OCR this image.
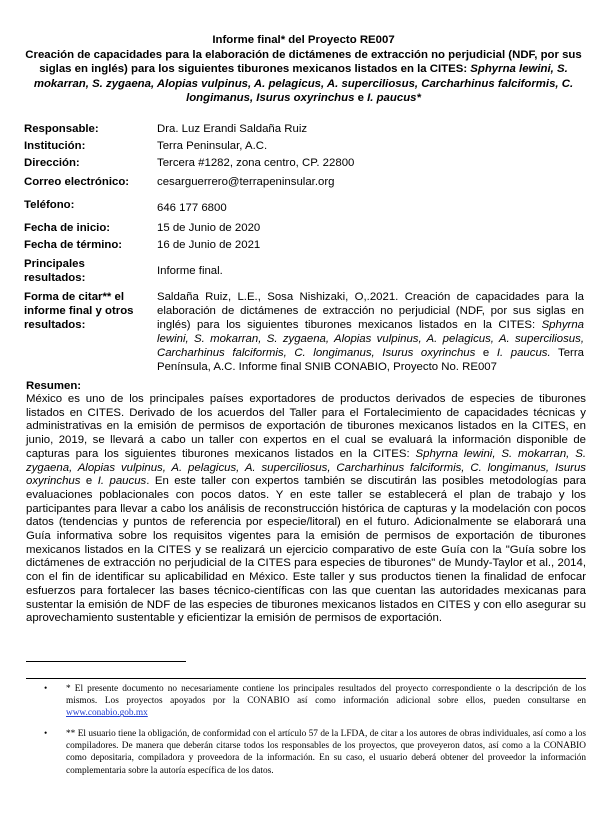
Informe final* del Proyecto RE007
Creación de capacidades para la elaboración de dictámenes de extracción no perjudicial (NDF, por sus siglas en inglés) para los siguientes tiburones mexicanos listados en la CITES: Sphyrna lewini, S. mokarran, S. zygaena, Alopias vulpinus, A. pelagicus, A. superciliosus, Carcharhinus falciformis, C. longimanus, Isurus oxyrinchus e I. paucus*
Responsable:	Dra. Luz Erandi Saldaña Ruiz
Institución:	Terra Peninsular, A.C.
Dirección:	Tercera #1282, zona centro, CP. 22800
Correo electrónico:	cesarguerrero@terrapeninsular.org
Teléfono:	646 177 6800
Fecha de inicio:	15 de Junio de 2020
Fecha de término:	16 de Junio de 2021
Principales resultados:
Informe final.
Forma de citar** el informe final y otros resultados:
Saldaña Ruiz, L.E., Sosa Nishizaki, O,.2021. Creación de capacidades para la elaboración de dictámenes de extracción no perjudicial (NDF, por sus siglas en inglés) para los siguientes tiburones mexicanos listados en la CITES: Sphyrna lewini, S. mokarran, S. zygaena, Alopias vulpinus, A. pelagicus, A. superciliosus, Carcharhinus falciformis, C. longimanus, Isurus oxyrinchus e I. paucus. Terra Península, A.C. Informe final SNIB CONABIO, Proyecto No. RE007
Resumen:
México es uno de los principales países exportadores de productos derivados de especies de tiburones listados en CITES. Derivado de los acuerdos del Taller para el Fortalecimiento de capacidades técnicas y administrativas en la emisión de permisos de exportación de tiburones mexicanos listados en la CITES, en junio, 2019, se llevará a cabo un taller con expertos en el cual se evaluará la información disponible de capturas para los siguientes tiburones mexicanos listados en la CITES: Sphyrna lewini, S. mokarran, S. zygaena, Alopias vulpinus, A. pelagicus, A. superciliosus, Carcharhinus falciformis, C. longimanus, Isurus oxyrinchus e I. paucus. En este taller con expertos también se discutirán las posibles metodologías para evaluaciones poblacionales con pocos datos. Y en este taller se establecerá el plan de trabajo y los participantes para llevar a cabo los análisis de reconstrucción histórica de capturas y la modelación con pocos datos (tendencias y puntos de referencia por especie/litoral) en el futuro. Adicionalmente se elaborará una Guía informativa sobre los requisitos vigentes para la emisión de permisos de exportación de tiburones mexicanos listados en la CITES y se realizará un ejercicio comparativo de este Guía con la "Guía sobre los dictámenes de extracción no perjudicial de la CITES para especies de tiburones" de Mundy-Taylor et al., 2014, con el fin de identificar su aplicabilidad en México. Este taller y sus productos tienen la finalidad de enfocar esfuerzos para fortalecer las bases técnico-científicas con las que cuentan las autoridades mexicanas para sustentar la emisión de NDF de las especies de tiburones mexicanos listados en CITES y con ello asegurar su aprovechamiento sustentable y eficientizar la emisión de permisos de exportación.
• * El presente documento no necesariamente contiene los principales resultados del proyecto correspondiente o la descripción de los mismos. Los proyectos apoyados por la CONABIO así como información adicional sobre ellos, pueden consultarse en www.conabio.gob.mx
• ** El usuario tiene la obligación, de conformidad con el artículo 57 de la LFDA, de citar a los autores de obras individuales, así como a los compiladores. De manera que deberán citarse todos los responsables de los proyectos, que proveyeron datos, así como a la CONABIO como depositaria, compiladora y proveedora de la información. En su caso, el usuario deberá obtener del proveedor la información complementaria sobre la autoría específica de los datos.
